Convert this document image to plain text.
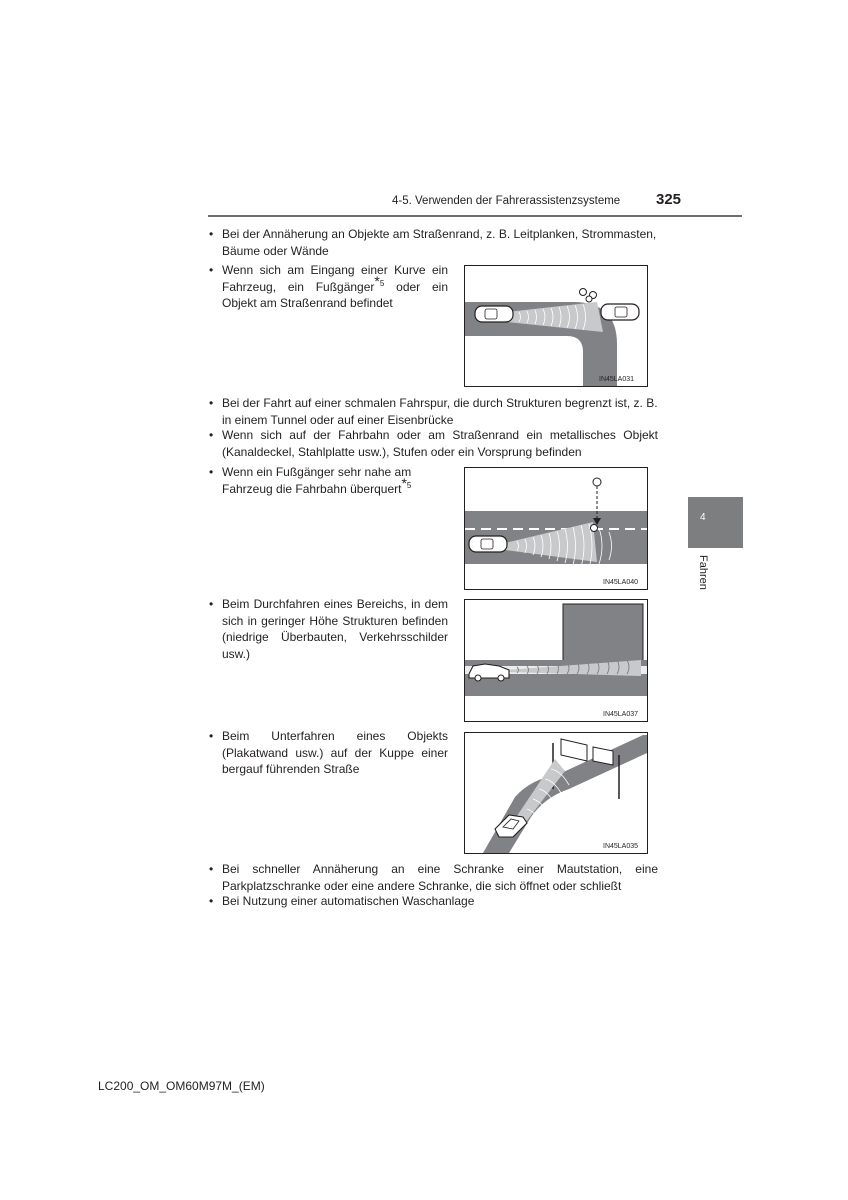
4-5. Verwenden der Fahrerassistenzsysteme 325
4
Fahren
• Bei der Annäherung an Objekte am Straßenrand, z. B. Leitplanken, Strommasten, Bäume oder Wände
• Wenn sich am Eingang einer Kurve ein Fahrzeug, ein Fußgänger*$^5$ oder ein Objekt am Straßenrand befindet
IN45LA031
• Bei der Fahrt auf einer schmalen Fahrspur, die durch Strukturen begrenzt ist, z. B. in einem Tunnel oder auf einer Eisenbrücke
• Wenn sich auf der Fahrbahn oder am Straßenrand ein metallisches Objekt (Kanaldeckel, Stahlplatte usw.), Stufen oder ein Vorsprung befinden
• Wenn ein Fußgänger sehr nahe am Fahrzeug die Fahrbahn überquert*$^5$
IN45LA040
• Beim Durchfahren eines Bereichs, in dem sich in geringer Höhe Strukturen befinden (niedrige Überbauten, Verkehrsschilder usw.)
IN45LA037
• Beim Unterfahren eines Objekts (Plakatwand usw.) auf der Kuppe einer bergauf führenden Straße
IN45LA035
• Bei schneller Annäherung an eine Schranke einer Mautstation, eine Parkplatzschranke oder eine andere Schranke, die sich öffnet oder schließt
• Bei Nutzung einer automatischen Waschanlage
LC200_OM_OM60M97M_(EM)
